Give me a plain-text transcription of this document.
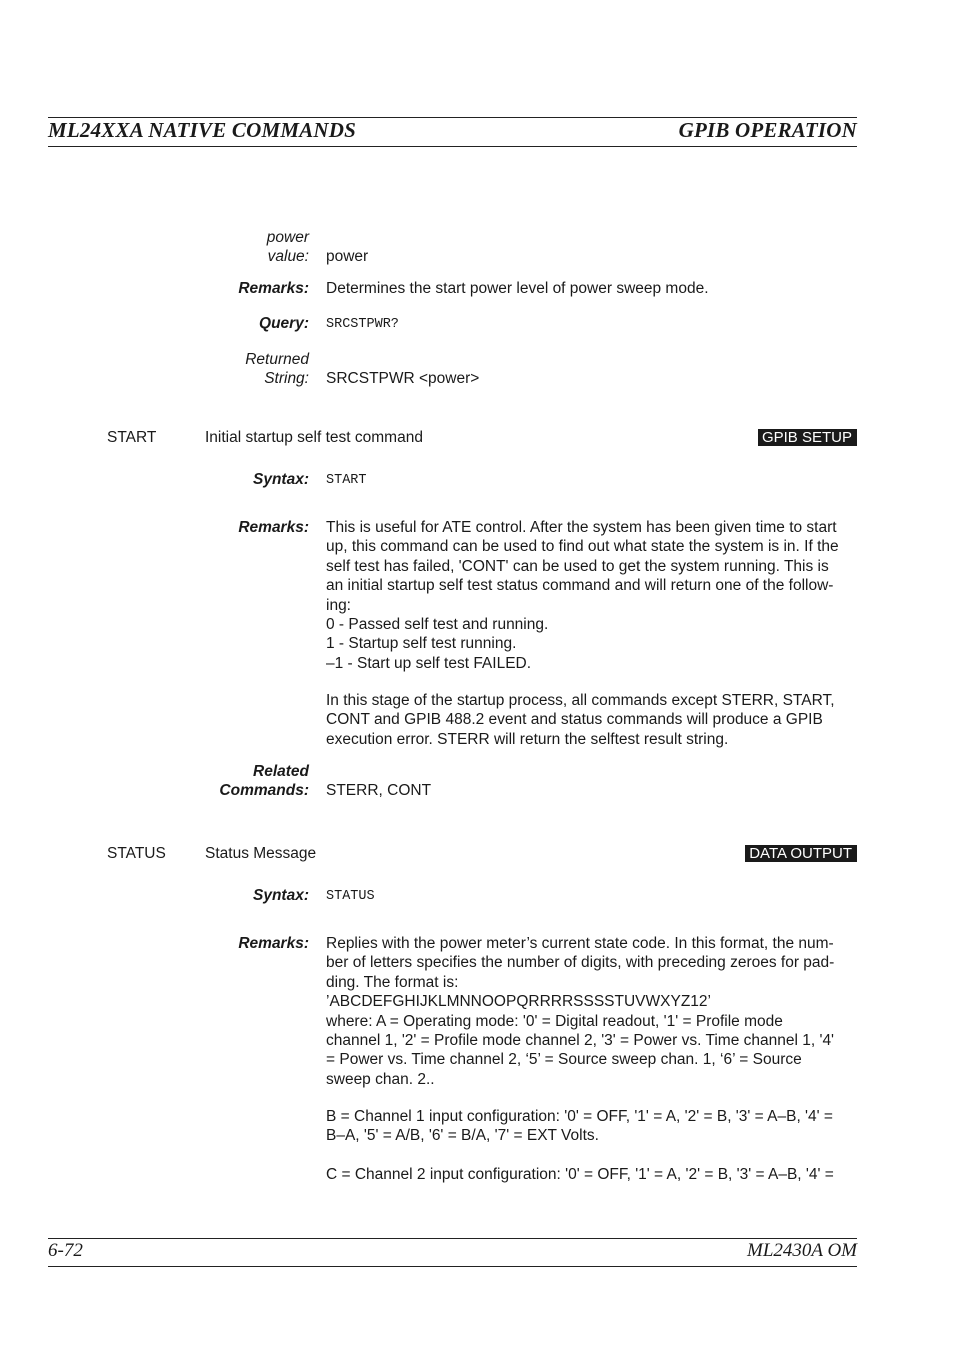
ML24XXA NATIVE COMMANDS	GPIB OPERATION
power
value: power
Remarks: Determines the start power level of power sweep mode.
Query: SRCSTPWR?
Returned
String: SRCSTPWR <power>
START	Initial startup self test command	GPIB SETUP
Syntax: START
Remarks: This is useful for ATE control. After the system has been given time to start
up, this command can be used to find out what state the system is in. If the
self test has failed, 'CONT' can be used to get the system running. This is
an initial startup self test status command and will return one of the follow-
ing:
0 - Passed self test and running.
1 - Startup self test running.
–1 - Start up self test FAILED.
In this stage of the startup process, all commands except STERR, START,
CONT and GPIB 488.2 event and status commands will produce a GPIB
execution error. STERR will return the selftest result string.
Related
Commands: STERR, CONT
STATUS	Status Message	DATA OUTPUT
Syntax: STATUS
Remarks: Replies with the power meter’s current state code. In this format, the num-
ber of letters specifies the number of digits, with preceding zeroes for pad-
ding. The format is:
’ABCDEFGHIJKLMNNOOPQRRRRSSSSTUVWXYZ12’
where: A = Operating mode: '0' = Digital readout, '1' = Profile mode
channel 1, '2' = Profile mode channel 2, '3' = Power vs. Time channel 1, '4'
= Power vs. Time channel 2, ‘5’ = Source sweep chan. 1, ‘6’ = Source
sweep chan. 2..
B = Channel 1 input configuration: '0' = OFF, '1' = A, '2' = B, '3' = A–B, '4' =
B–A, '5' = A/B, '6' = B/A, '7' = EXT Volts.
C = Channel 2 input configuration: '0' = OFF, '1' = A, '2' = B, '3' = A–B, '4' =
6-72	ML2430A OM
